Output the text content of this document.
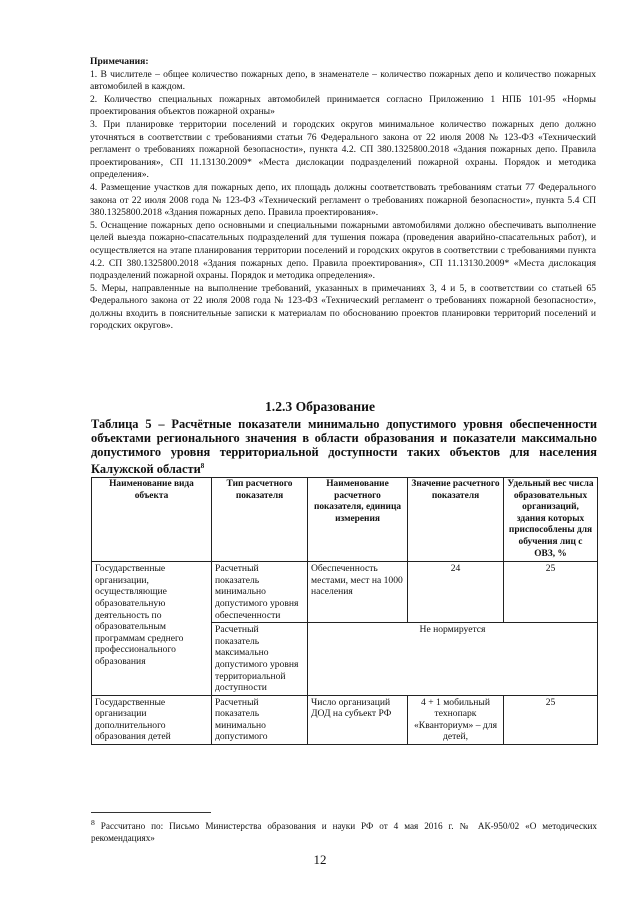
Примечания:

1. В числителе – общее количество пожарных депо, в знаменателе – количество пожарных депо и количество пожарных автомобилей в каждом.

2. Количество специальных пожарных автомобилей принимается согласно Приложению 1 НПБ 101-95 «Нормы проектирования объектов пожарной охраны»

3. При планировке территории поселений и городских округов минимальное количество пожарных депо должно уточняться в соответствии с требованиями статьи 76 Федерального закона от 22 июля 2008 № 123-ФЗ «Технический регламент о требованиях пожарной безопасности», пункта 4.2. СП 380.1325800.2018 «Здания пожарных депо. Правила проектирования», СП 11.13130.2009* «Места дислокации подразделений пожарной охраны. Порядок и методика определения».

4. Размещение участков для пожарных депо, их площадь должны соответствовать требованиям статьи 77 Федерального закона от 22 июля 2008 года № 123-ФЗ «Технический регламент о требованиях пожарной безопасности», пункта 5.4 СП 380.1325800.2018 «Здания пожарных депо. Правила проектирования».

5. Оснащение пожарных депо основными и специальными пожарными автомобилями должно обеспечивать выполнение целей выезда пожарно-спасательных подразделений для тушения пожара (проведения аварийно-спасательных работ), и осуществляется на этапе планирования территории поселений и городских округов в соответствии с требованиями пункта 4.2. СП 380.1325800.2018 «Здания пожарных депо. Правила проектирования», СП 11.13130.2009* «Места дислокация подразделений пожарной охраны. Порядок и методика определения».

5. Меры, направленные на выполнение требований, указанных в примечаниях 3, 4 и 5, в соответствии со статьей 65 Федерального закона от 22 июля 2008 года № 123-ФЗ «Технический регламент о требованиях пожарной безопасности», должны входить в пояснительные записки к материалам по обоснованию проектов планировки территорий поселений и городских округов».

1.2.3 Образование
Таблица 5 – Расчётные показатели минимально допустимого уровня обеспеченности объектами регионального значения в области образования и показатели максимально допустимого уровня территориальной доступности таких объектов для населения Калужской области$^8$
Наименование вида объекта	Тип расчетного показателя	Наименование расчетного показателя, единица измерения	Значение расчетного показателя	Удельный вес числа образовательных организаций, здания которых приспособлены для обучения лиц с ОВЗ, %
Государственные организации, осуществляющие образовательную деятельность по образовательным программам среднего профессионального образования	Расчетный показатель минимально допустимого уровня обеспеченности	Обеспеченность местами, мест на 1000 населения	24	25
	Расчетный показатель максимально допустимого уровня территориальной доступности	Не нормируется		
Государственные организации дополнительного образования детей	Расчетный показатель минимально допустимого	Число организаций ДОД на субъект РФ	4 + 1 мобильный технопарк «Кванториум» – для детей,	25
$^8$ Рассчитано по: Письмо Министерства образования и науки РФ от 4 мая 2016 г. № АК-950/02 «О методических рекомендациях»
12
